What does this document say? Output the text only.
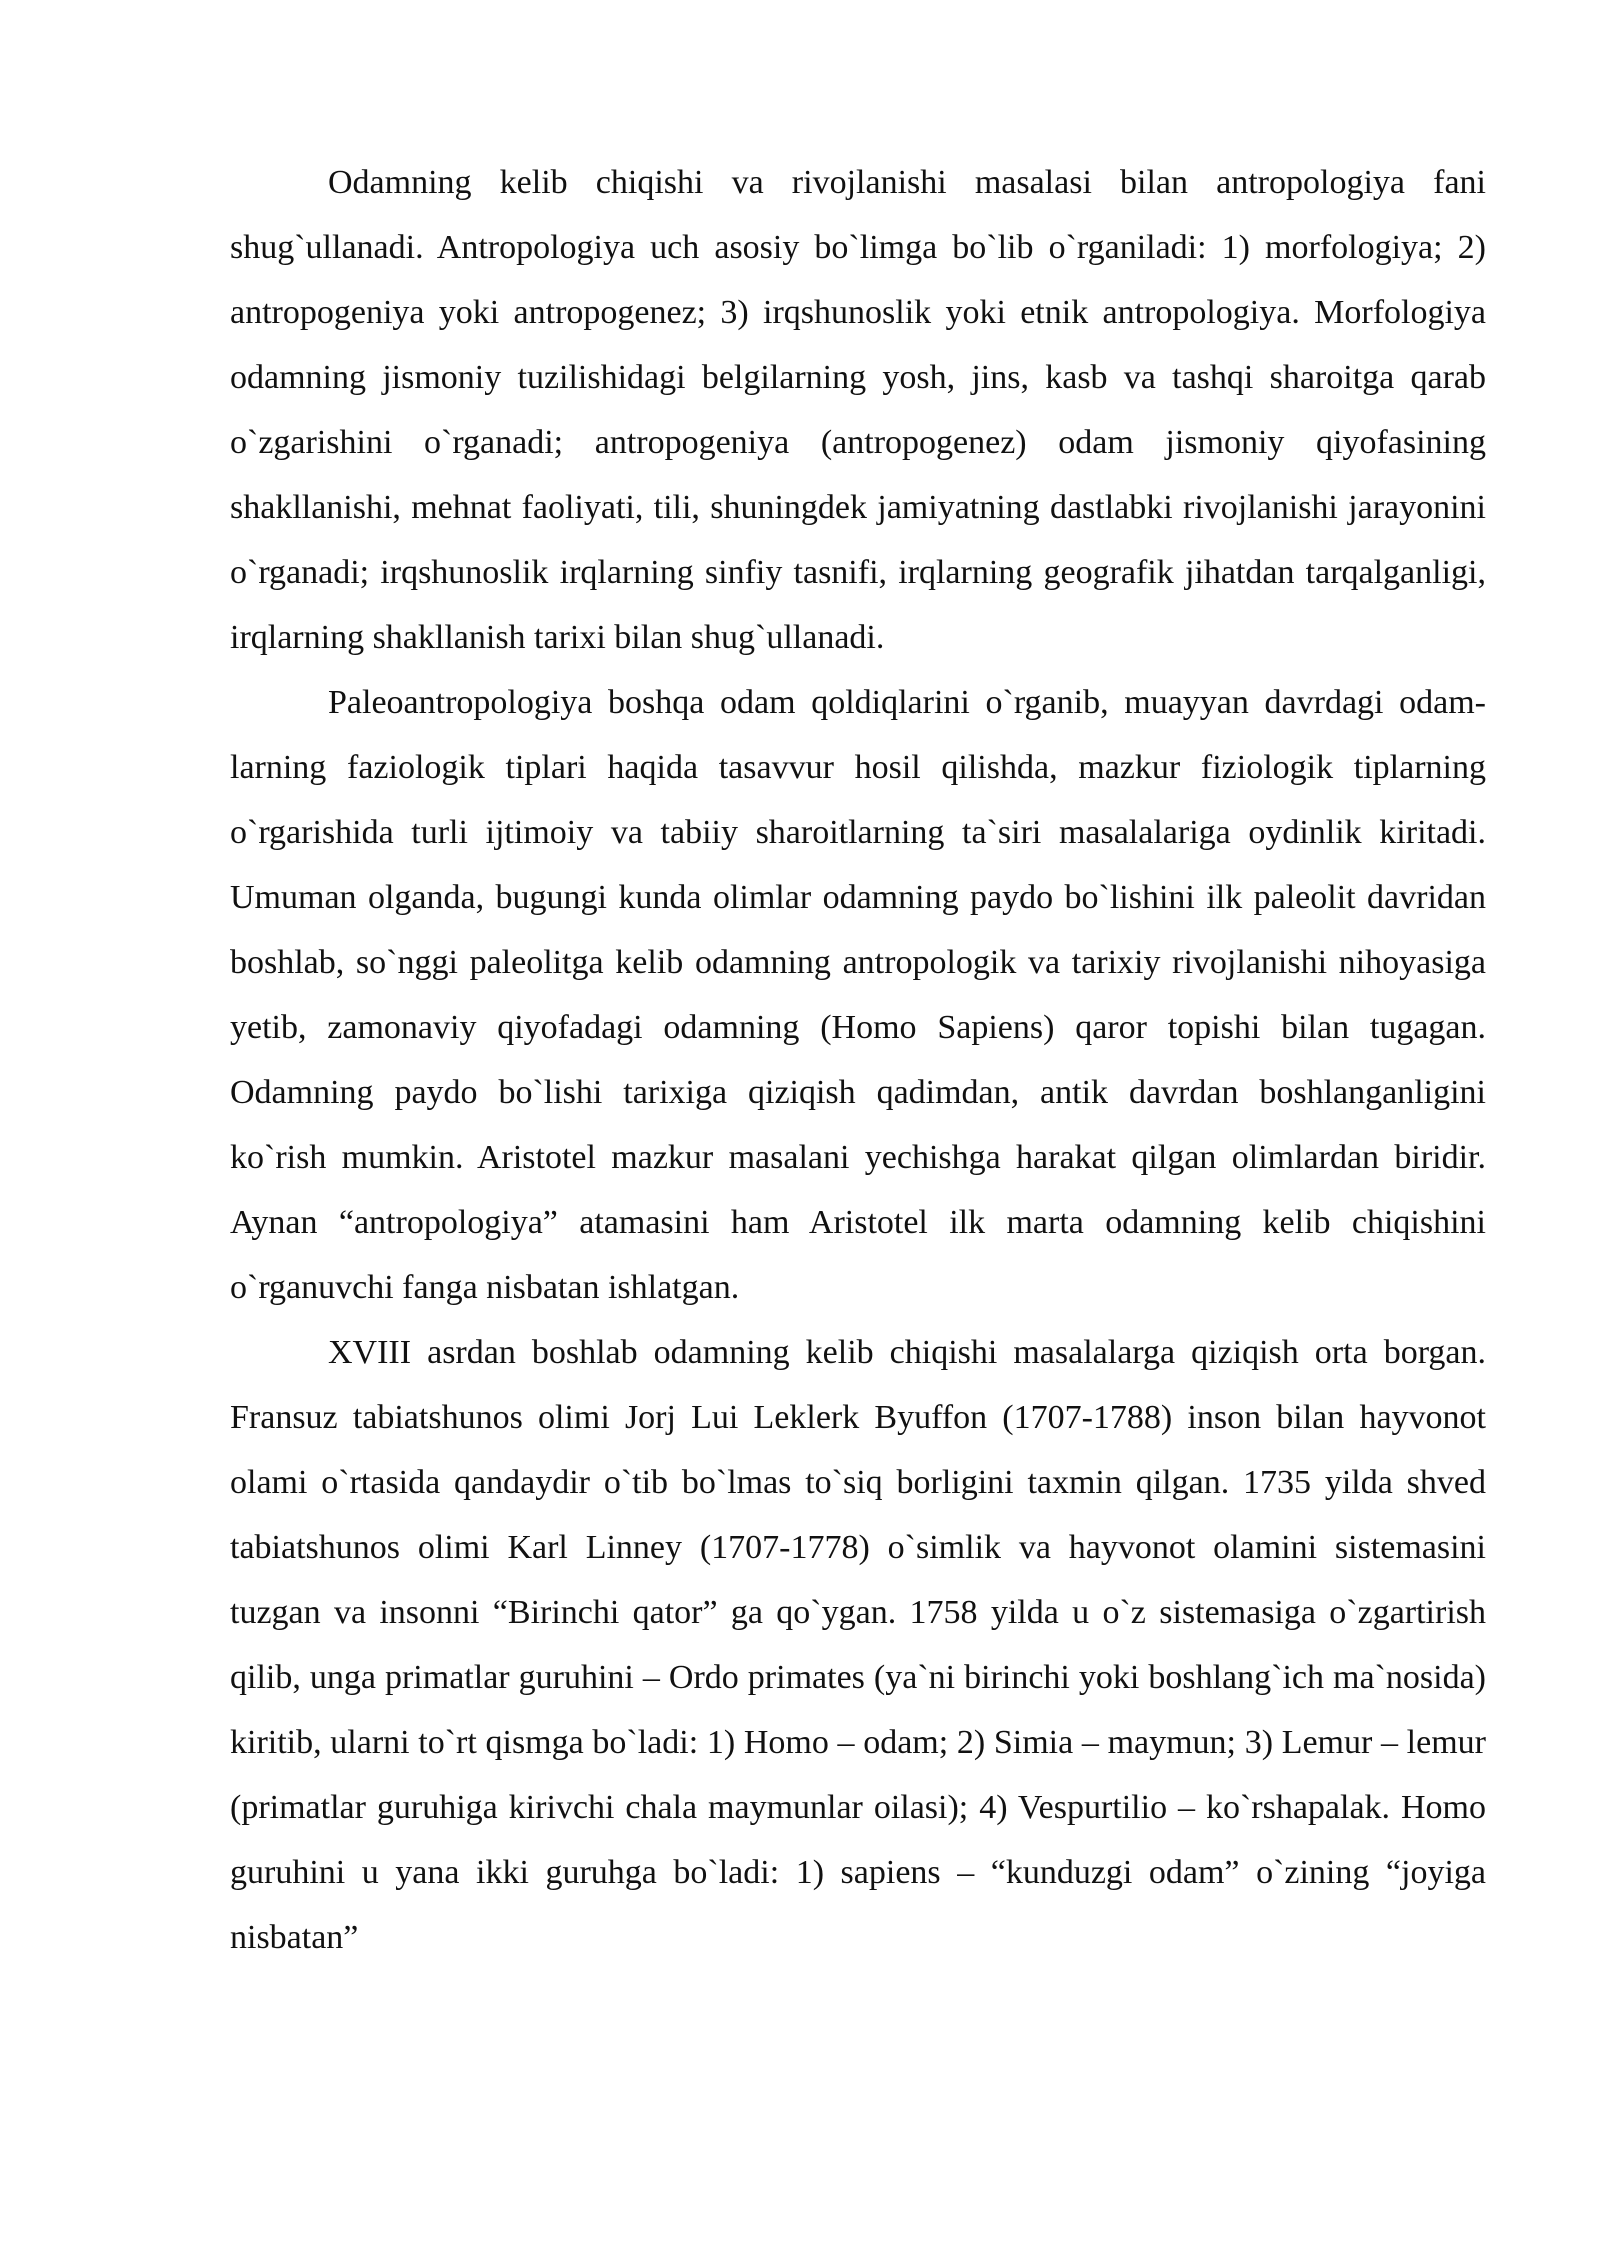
Odamning kelib chiqishi va rivojlanishi masalasi bilan antropologiya fani shug`ullanadi. Antropologiya uch asosiy bo`limga bo`lib o`rganiladi: 1) morfologiya; 2) antropogeniya yoki antropogenez; 3) irqshunoslik yoki etnik antropologiya. Morfologiya odamning jismoniy tuzilishidagi belgilarning yosh, jins, kasb va tashqi sharoitga qarab o`zgarishini o`rganadi; antropogeniya (antropogenez) odam jismoniy qiyofasining shakllanishi, mehnat faoliyati, tili, shuningdek jamiyatning dastlabki rivojlanishi jarayonini o`rganadi; irqshunoslik irqlarning sinfiy tasnifi, irqlarning geografik jihatdan tarqalganligi, irqlarning shakllanish tarixi bilan shug`ullanadi.

Paleoantropologiya boshqa odam qoldiqlarini o`rganib, muayyan davrdagi odam-larning faziologik tiplari haqida tasavvur hosil qilishda, mazkur fiziologik tiplarning o`rgarishida turli ijtimoiy va tabiiy sharoitlarning ta`siri masalalariga oydinlik kiritadi. Umuman olganda, bugungi kunda olimlar odamning paydo bo`lishini ilk paleolit davridan boshlab, so`nggi paleolitga kelib odamning antropologik va tarixiy rivojlanishi nihoyasiga yetib, zamonaviy qiyofadagi odamning (Homo Sapiens) qaror topishi bilan tugagan. Odamning paydo bo`lishi tarixiga qiziqish qadimdan, antik davrdan boshlanganligini ko`rish mumkin. Aristotel mazkur masalani yechishga harakat qilgan olimlardan biridir. Aynan “antropologiya” atamasini ham Aristotel ilk marta odamning kelib chiqishini o`rganuvchi fanga nisbatan ishlatgan.

XVIII asrdan boshlab odamning kelib chiqishi masalalarga qiziqish orta borgan. Fransuz tabiatshunos olimi Jorj Lui Leklerk Byuffon (1707-1788) inson bilan hayvonot olami o`rtasida qandaydir o`tib bo`lmas to`siq borligini taxmin qilgan. 1735 yilda shved tabiatshunos olimi Karl Linney (1707-1778) o`simlik va hayvonot olamini sistemasini tuzgan va insonni “Birinchi qator” ga qo`ygan. 1758 yilda u o`z sistemasiga o`zgartirish qilib, unga primatlar guruhini – Ordo primates (ya`ni birinchi yoki boshlang`ich ma`nosida) kiritib, ularni to`rt qismga bo`ladi: 1) Homo – odam; 2) Simia – maymun; 3) Lemur – lemur (primatlar guruhiga kirivchi chala maymunlar oilasi); 4) Vespurtilio – ko`rshapalak. Homo guruhini u yana ikki guruhga bo`ladi: 1) sapiens – “kunduzgi odam” o`zining “joyiga nisbatan”
